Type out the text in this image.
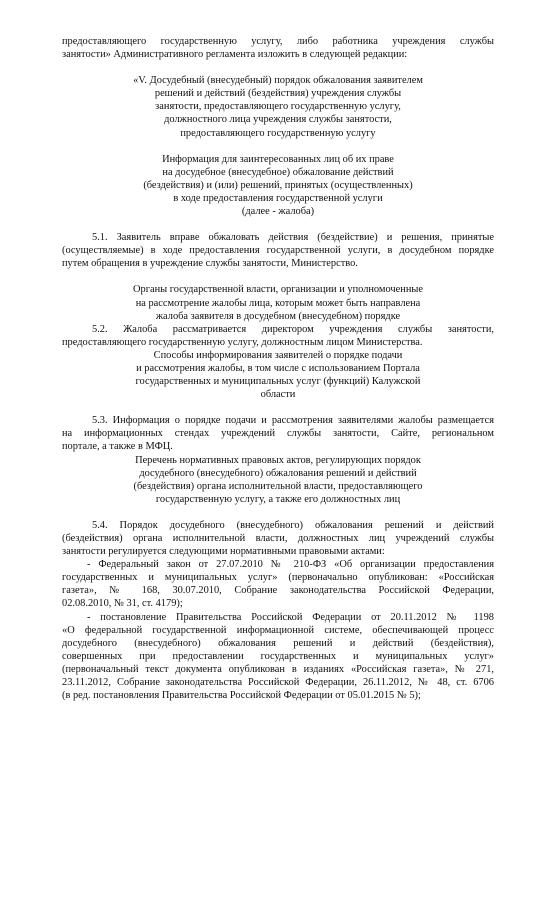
предоставляющего государственную услугу, либо работника учреждения службы
занятости» Административного регламента изложить в следующей редакции:
«V. Досудебный (внесудебный) порядок обжалования заявителем
решений и действий (бездействия) учреждения службы
занятости, предоставляющего государственную услугу,
должностного лица учреждения службы занятости,
предоставляющего государственную услугу
Информация для заинтересованных лиц об их праве
на досудебное (внесудебное) обжалование действий
(бездействия) и (или) решений, принятых (осуществленных)
в ходе предоставления государственной услуги
(далее - жалоба)
5.1. Заявитель вправе обжаловать действия (бездействие) и решения, принятые
(осуществляемые) в ходе предоставления государственной услуги, в досудебном порядке
путем обращения в учреждение службы занятости, Министерство.
Органы государственной власти, организации и уполномоченные
на рассмотрение жалобы лица, которым может быть направлена
жалоба заявителя в досудебном (внесудебном) порядке
5.2. Жалоба рассматривается директором учреждения службы занятости,
предоставляющего государственную услугу, должностным лицом Министерства.
Способы информирования заявителей о порядке подачи
и рассмотрения жалобы, в том числе с использованием Портала
государственных и муниципальных услуг (функций) Калужской
области
5.3. Информация о порядке подачи и рассмотрения заявителями жалобы размещается
на информационных стендах учреждений службы занятости, Сайте, региональном
портале, а также в МФЦ.
Перечень нормативных правовых актов, регулирующих порядок
досудебного (внесудебного) обжалования решений и действий
(бездействия) органа исполнительной власти, предоставляющего
государственную услугу, а также его должностных лиц
5.4. Порядок досудебного (внесудебного) обжалования решений и действий
(бездействия) органа исполнительной власти, должностных лиц учреждений службы
занятости регулируется следующими нормативными правовыми актами:
- Федеральный закон от 27.07.2010 № 210-ФЗ «Об организации предоставления
государственных и муниципальных услуг» (первоначально опубликован: «Российская
газета», № 168, 30.07.2010, Собрание законодательства Российской Федерации,
02.08.2010, № 31, ст. 4179);
- постановление Правительства Российской Федерации от 20.11.2012 № 1198
«О федеральной государственной информационной системе, обеспечивающей процесс
досудебного (внесудебного) обжалования решений и действий (бездействия),
совершенных при предоставлении государственных и муниципальных услуг»
(первоначальный текст документа опубликован в изданиях «Российская газета», № 271,
23.11.2012, Собрание законодательства Российской Федерации, 26.11.2012, № 48, ст. 6706
(в ред. постановления Правительства Российской Федерации от 05.01.2015 № 5);
